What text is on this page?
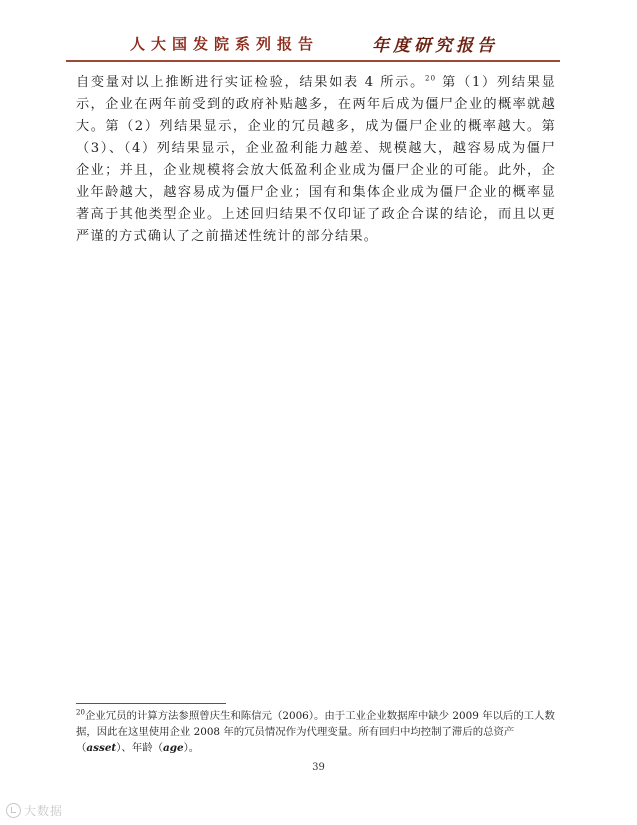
人大国发院系列报告	年度研究报告

自变量对以上推断进行实证检验，结果如表 4 所示。$^{20}$ 第（1）列结果显示，企业在两年前受到的政府补贴越多，在两年后成为僵尸企业的概率就越大。第（2）列结果显示，企业的冗员越多，成为僵尸企业的概率越大。第（3）、（4）列结果显示，企业盈利能力越差、规模越大，越容易成为僵尸企业；并且，企业规模将会放大低盈利企业成为僵尸企业的可能。此外，企业年龄越大，越容易成为僵尸企业；国有和集体企业成为僵尸企业的概率显著高于其他类型企业。上述回归结果不仅印证了政企合谋的结论，而且以更严谨的方式确认了之前描述性统计的部分结果。

$^{20}$企业冗员的计算方法参照曾庆生和陈信元（2006）。由于工业企业数据库中缺少 2009 年以后的工人数据，因此在这里使用企业 2008 年的冗员情况作为代理变量。所有回归中均控制了滞后的总资产（asset）、年龄（age）。

39
大数据
